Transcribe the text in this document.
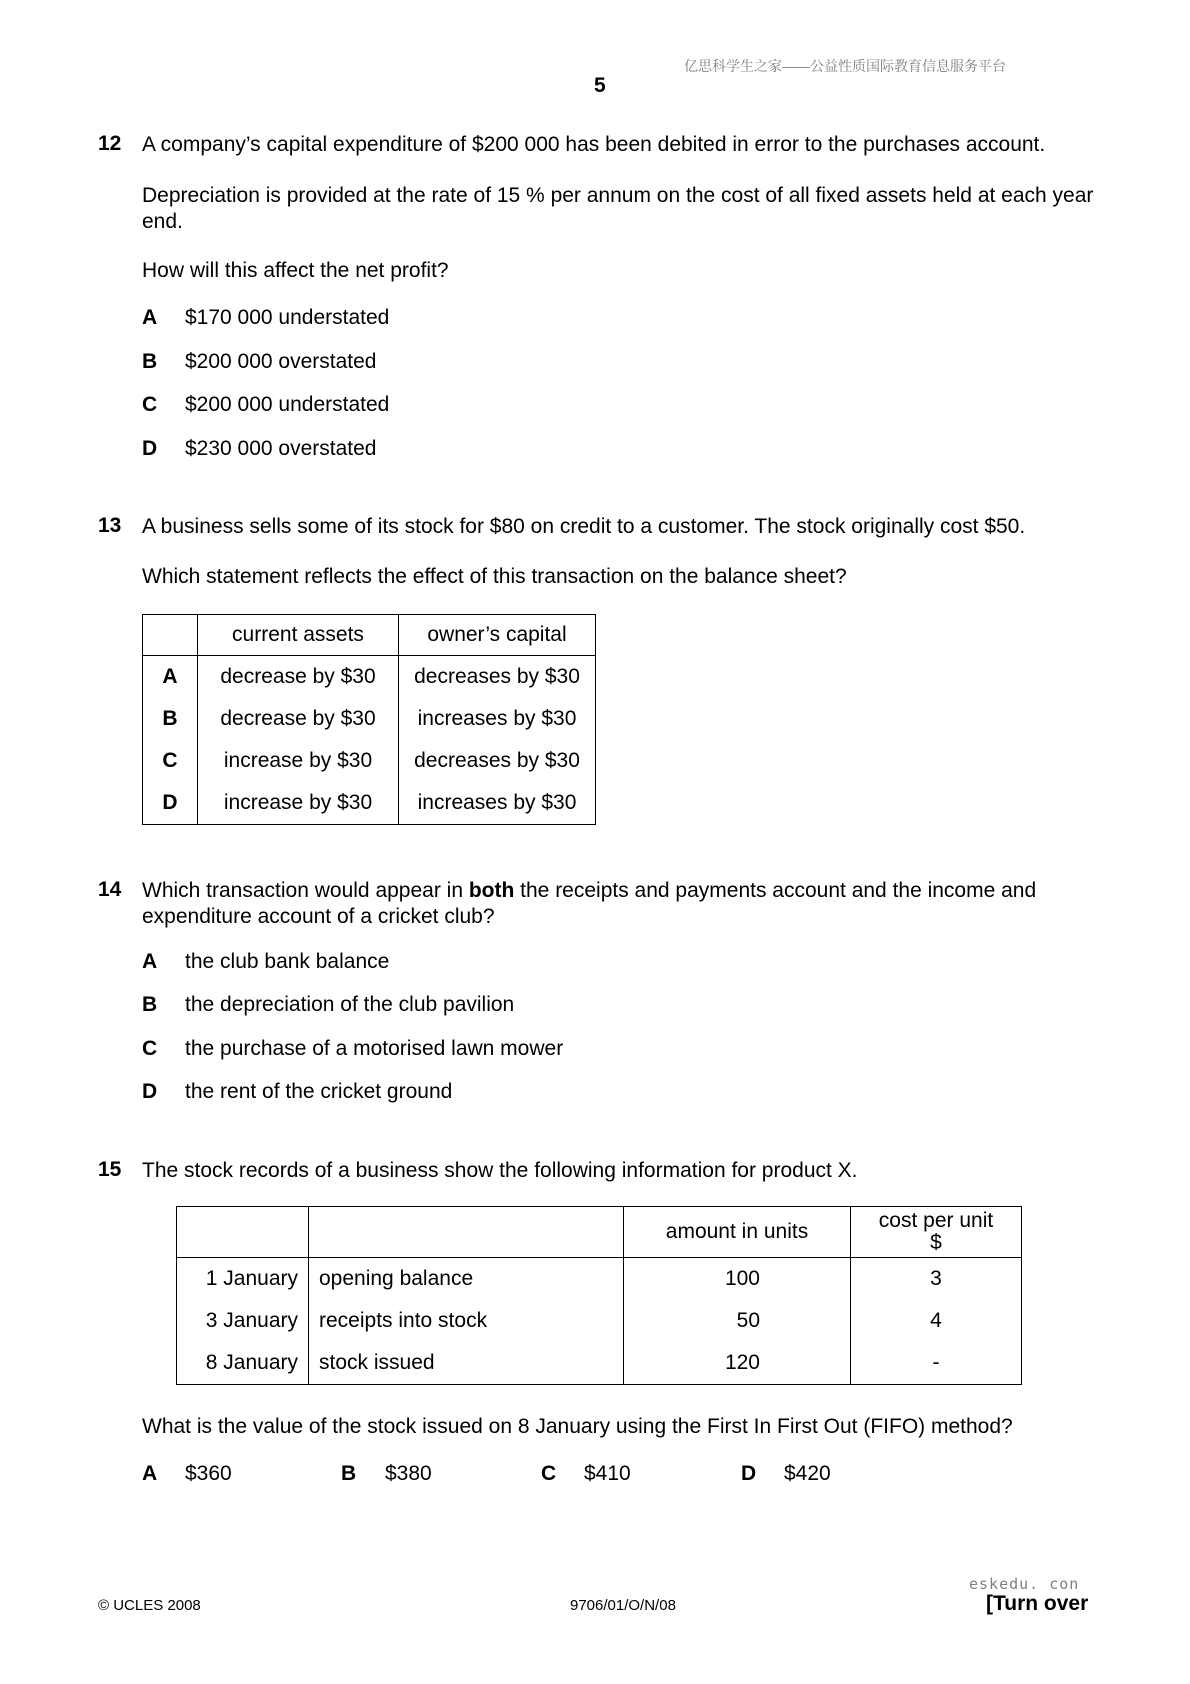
亿思科学生之家——公益性质国际教育信息服务平台
5
12 A company’s capital expenditure of $200 000 has been debited in error to the purchases account.
Depreciation is provided at the rate of 15 % per annum on the cost of all fixed assets held at each year end.
How will this affect the net profit?
A $170 000 understated
B $200 000 overstated
C $200 000 understated
D $230 000 overstated
13 A business sells some of its stock for $80 on credit to a customer. The stock originally cost $50.
Which statement reflects the effect of this transaction on the balance sheet?
	current assets	owner’s capital
A	decrease by $30	decreases by $30
B	decrease by $30	increases by $30
C	increase by $30	decreases by $30
D	increase by $30	increases by $30
14 Which transaction would appear in both the receipts and payments account and the income and expenditure account of a cricket club?
A the club bank balance
B the depreciation of the club pavilion
C the purchase of a motorised lawn mower
D the rent of the cricket ground
15 The stock records of a business show the following information for product X.
		amount in units	cost per unit
$

1 January	opening balance	100	3
3 January	receipts into stock	50	4
8 January	stock issued	120	-
What is the value of the stock issued on 8 January using the First In First Out (FIFO) method?
A $360	B $380	C $410	D $420
eskedu. con
© UCLES 2008	9706/01/O/N/08	[Turn over
